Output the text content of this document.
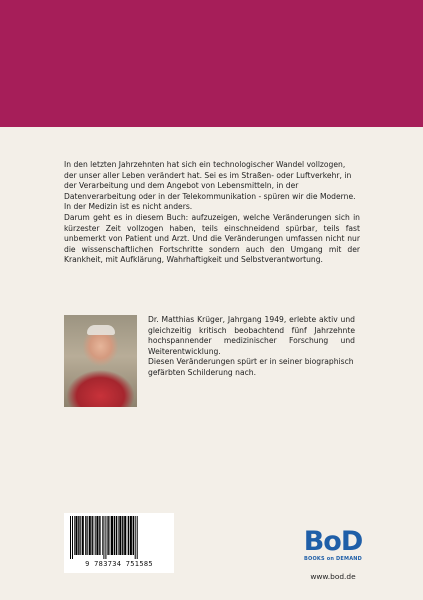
In den letzten Jahrzehnten hat sich ein technologischer Wandel vollzogen, der unser aller Leben verändert hat. Sei es im Straßen- oder Luftverkehr, in der Verarbeitung und dem Angebot von Lebensmitteln, in der Datenverarbeitung oder in der Telekommunikation - spüren wir die Moderne.

In der Medizin ist es nicht anders.

Darum geht es in diesem Buch: aufzuzeigen, welche Veränderungen sich in kürzester Zeit vollzogen haben, teils einschneidend spürbar, teils fast unbemerkt von Patient und Arzt. Und die Veränderungen umfassen nicht nur die wissenschaftlichen Fortschritte sondern auch den Umgang mit der Krankheit, mit Aufklärung, Wahrhaftigkeit und Selbstverantwortung.

Dr. Matthias Krüger, Jahrgang 1949, erlebte aktiv und gleichzeitig kritisch beobachtend fünf Jahrzehnte hochspannender medizinischer Forschung und Weiterentwicklung.

Diesen Veränderungen spürt er in seiner biographisch gefärbten Schilderung nach.

9 783734 751585
BoD
BOOKS on DEMAND
www.bod.de
